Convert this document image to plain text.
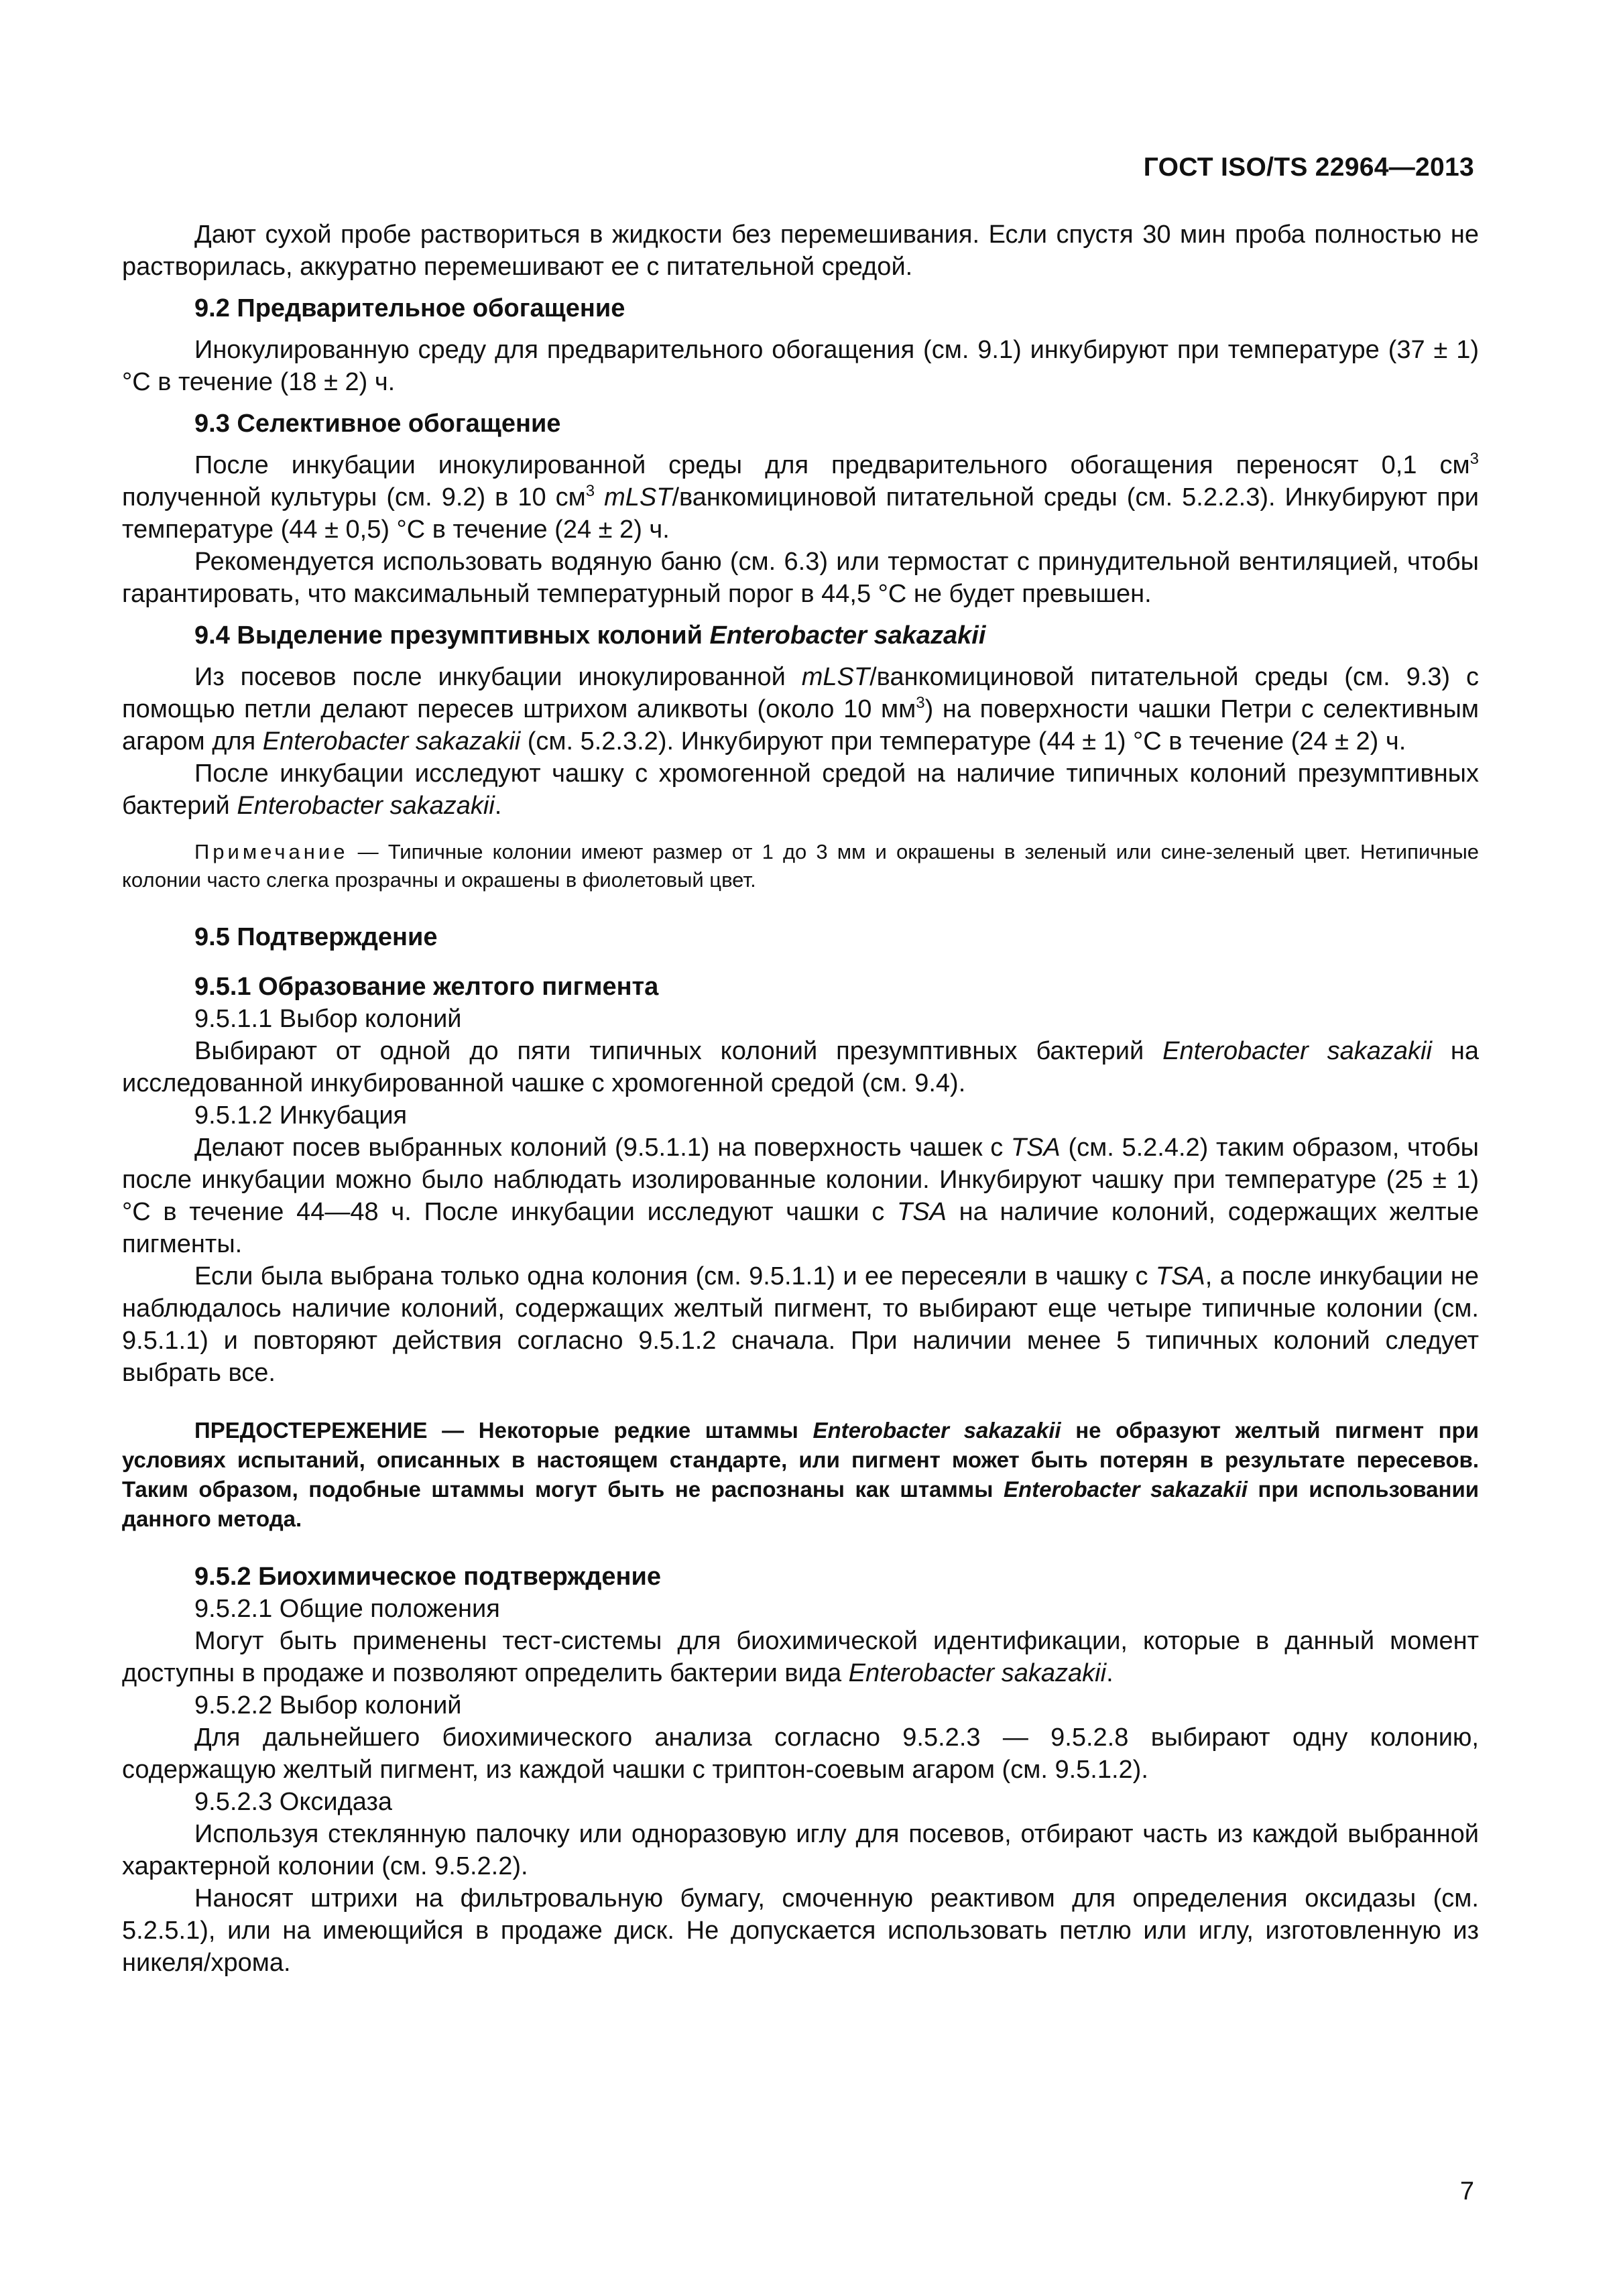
ГОСТ ISO/TS 22964—2013

Дают сухой пробе раствориться в жидкости без перемешивания. Если спустя 30 мин проба полностью не растворилась, аккуратно перемешивают ее с питательной средой.

9.2 Предварительное обогащение

Инокулированную среду для предварительного обогащения (см. 9.1) инкубируют при температуре (37 ± 1) °С в течение (18 ± 2) ч.

9.3 Селективное обогащение

После инкубации инокулированной среды для предварительного обогащения переносят 0,1 $см^3$ полученной культуры (см. 9.2) в 10 $см^3$ mLST/ванкомициновой питательной среды (см. 5.2.2.3). Инкубируют при температуре (44 ± 0,5) °С в течение (24 ± 2) ч.

Рекомендуется использовать водяную баню (см. 6.3) или термостат с принудительной вентиляцией, чтобы гарантировать, что максимальный температурный порог в 44,5 °С не будет превышен.

9.4 Выделение презумптивных колоний Enterobacter sakazakii

Из посевов после инкубации инокулированной mLST/ванкомициновой питательной среды (см. 9.3) с помощью петли делают пересев штрихом аликвоты (около 10 $мм^3$) на поверхности чашки Петри с селективным агаром для Enterobacter sakazakii (см. 5.2.3.2). Инкубируют при температуре (44 ± 1) °С в течение (24 ± 2) ч.

После инкубации исследуют чашку с хромогенной средой на наличие типичных колоний презумптивных бактерий Enterobacter sakazakii.

Примечание — Типичные колонии имеют размер от 1 до 3 мм и окрашены в зеленый или сине-зеленый цвет. Нетипичные колонии часто слегка прозрачны и окрашены в фиолетовый цвет.

9.5 Подтверждение

9.5.1 Образование желтого пигмента

9.5.1.1 Выбор колоний

Выбирают от одной до пяти типичных колоний презумптивных бактерий Enterobacter sakazakii на исследованной инкубированной чашке с хромогенной средой (см. 9.4).

9.5.1.2 Инкубация

Делают посев выбранных колоний (9.5.1.1) на поверхность чашек с TSA (см. 5.2.4.2) таким образом, чтобы после инкубации можно было наблюдать изолированные колонии. Инкубируют чашку при температуре (25 ± 1) °С в течение 44—48 ч. После инкубации исследуют чашки с TSA на наличие колоний, содержащих желтые пигменты.

Если была выбрана только одна колония (см. 9.5.1.1) и ее пересеяли в чашку с TSA, а после инкубации не наблюдалось наличие колоний, содержащих желтый пигмент, то выбирают еще четыре типичные колонии (см. 9.5.1.1) и повторяют действия согласно 9.5.1.2 сначала. При наличии менее 5 типичных колоний следует выбрать все.

ПРЕДОСТЕРЕЖЕНИЕ — Некоторые редкие штаммы Enterobacter sakazakii не образуют желтый пигмент при условиях испытаний, описанных в настоящем стандарте, или пигмент может быть потерян в результате пересевов. Таким образом, подобные штаммы могут быть не распознаны как штаммы Enterobacter sakazakii при использовании данного метода.

9.5.2 Биохимическое подтверждение

9.5.2.1 Общие положения

Могут быть применены тест-системы для биохимической идентификации, которые в данный момент доступны в продаже и позволяют определить бактерии вида Enterobacter sakazakii.

9.5.2.2 Выбор колоний

Для дальнейшего биохимического анализа согласно 9.5.2.3 — 9.5.2.8 выбирают одну колонию, содержащую желтый пигмент, из каждой чашки с триптон-соевым агаром (см. 9.5.1.2).

9.5.2.3 Оксидаза

Используя стеклянную палочку или одноразовую иглу для посевов, отбирают часть из каждой выбранной характерной колонии (см. 9.5.2.2).

Наносят штрихи на фильтровальную бумагу, смоченную реактивом для определения оксидазы (см. 5.2.5.1), или на имеющийся в продаже диск. Не допускается использовать петлю или иглу, изготовленную из никеля/хрома.

7
